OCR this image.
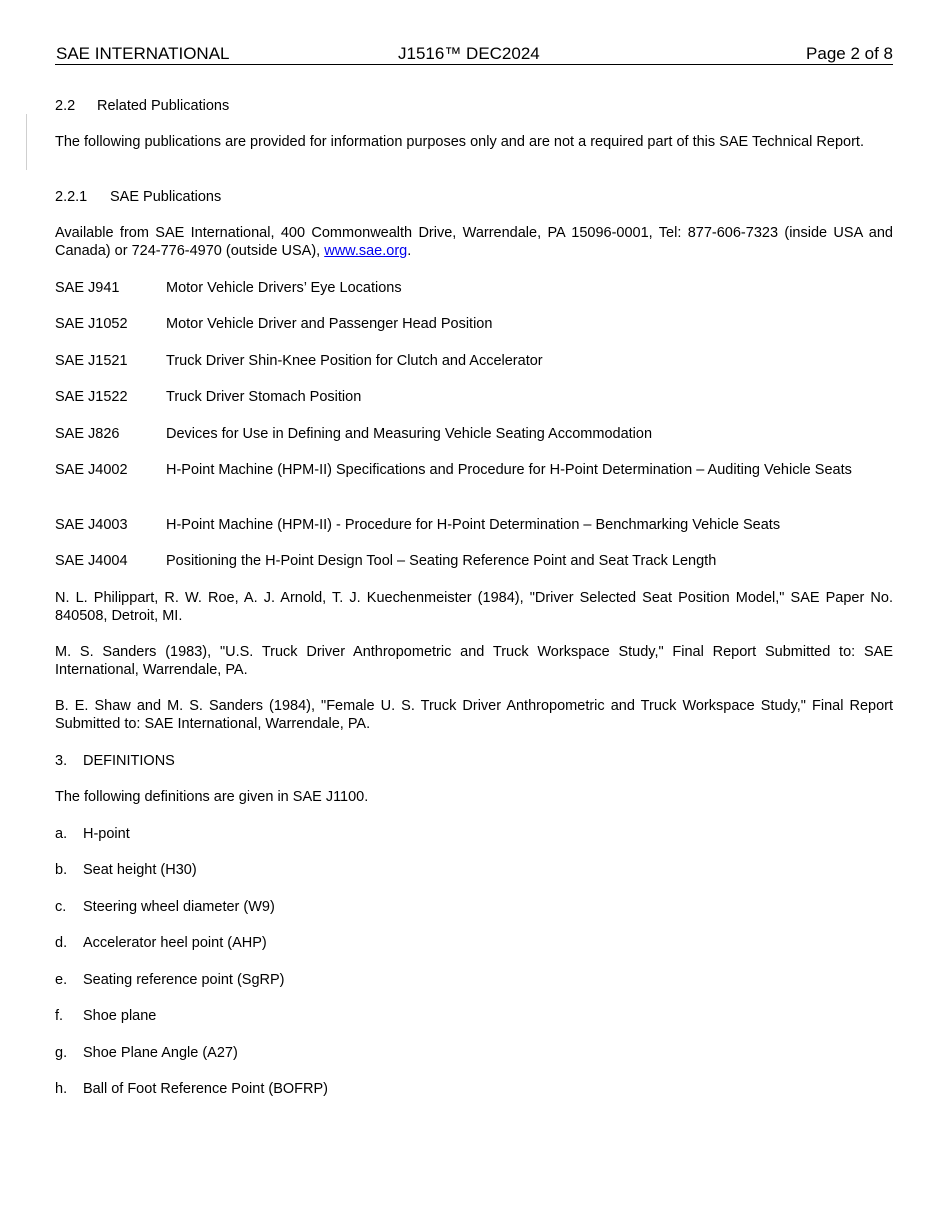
SAE INTERNATIONAL	J1516™ DEC2024	Page 2 of 8
2.2 Related Publications
The following publications are provided for information purposes only and are not a required part of this SAE Technical Report.
2.2.1 SAE Publications
Available from SAE International, 400 Commonwealth Drive, Warrendale, PA 15096-0001, Tel: 877-606-7323 (inside USA and Canada) or 724-776-4970 (outside USA), www.sae.org.
SAE J941	Motor Vehicle Drivers’ Eye Locations
SAE J1052	Motor Vehicle Driver and Passenger Head Position
SAE J1521	Truck Driver Shin-Knee Position for Clutch and Accelerator
SAE J1522	Truck Driver Stomach Position
SAE J826	Devices for Use in Defining and Measuring Vehicle Seating Accommodation
SAE J4002	H-Point Machine (HPM-II) Specifications and Procedure for H-Point Determination – Auditing Vehicle Seats
SAE J4003	H-Point Machine (HPM-II) - Procedure for H-Point Determination – Benchmarking Vehicle Seats
SAE J4004	Positioning the H-Point Design Tool – Seating Reference Point and Seat Track Length
N. L. Philippart, R. W. Roe, A. J. Arnold, T. J. Kuechenmeister (1984), "Driver Selected Seat Position Model," SAE Paper No. 840508, Detroit, MI.
M. S. Sanders (1983), "U.S. Truck Driver Anthropometric and Truck Workspace Study," Final Report Submitted to: SAE International, Warrendale, PA.
B. E. Shaw and M. S. Sanders (1984), "Female U. S. Truck Driver Anthropometric and Truck Workspace Study," Final Report Submitted to: SAE International, Warrendale, PA.
3. DEFINITIONS
The following definitions are given in SAE J1100.
a. H-point
b. Seat height (H30)
c. Steering wheel diameter (W9)
d. Accelerator heel point (AHP)
e. Seating reference point (SgRP)
f. Shoe plane
g. Shoe Plane Angle (A27)
h. Ball of Foot Reference Point (BOFRP)
